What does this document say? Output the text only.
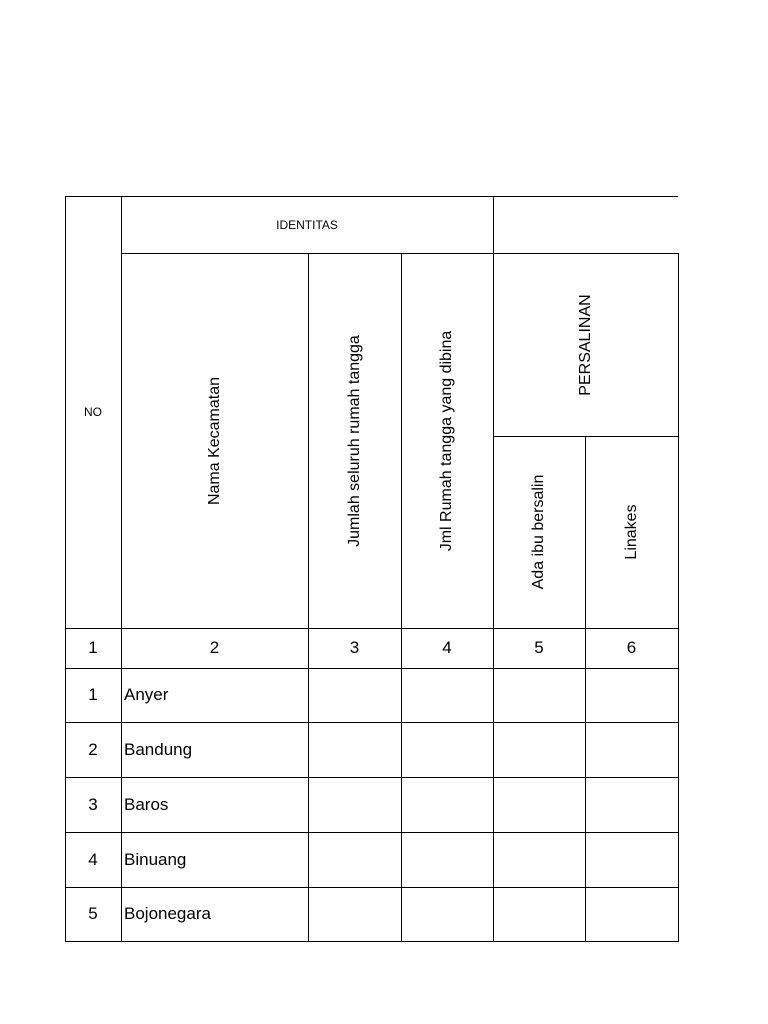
NO
IDENTITAS
Nama Kecamatan	Jumlah seluruh rumah tangga	Jml Rumah tangga yang dibina	PERSALINAN
Ada ibu bersalin	Linakes
1	2	3	4	5	6
1	Anyer
2	Bandung
3	Baros
4	Binuang
5	Bojonegara
